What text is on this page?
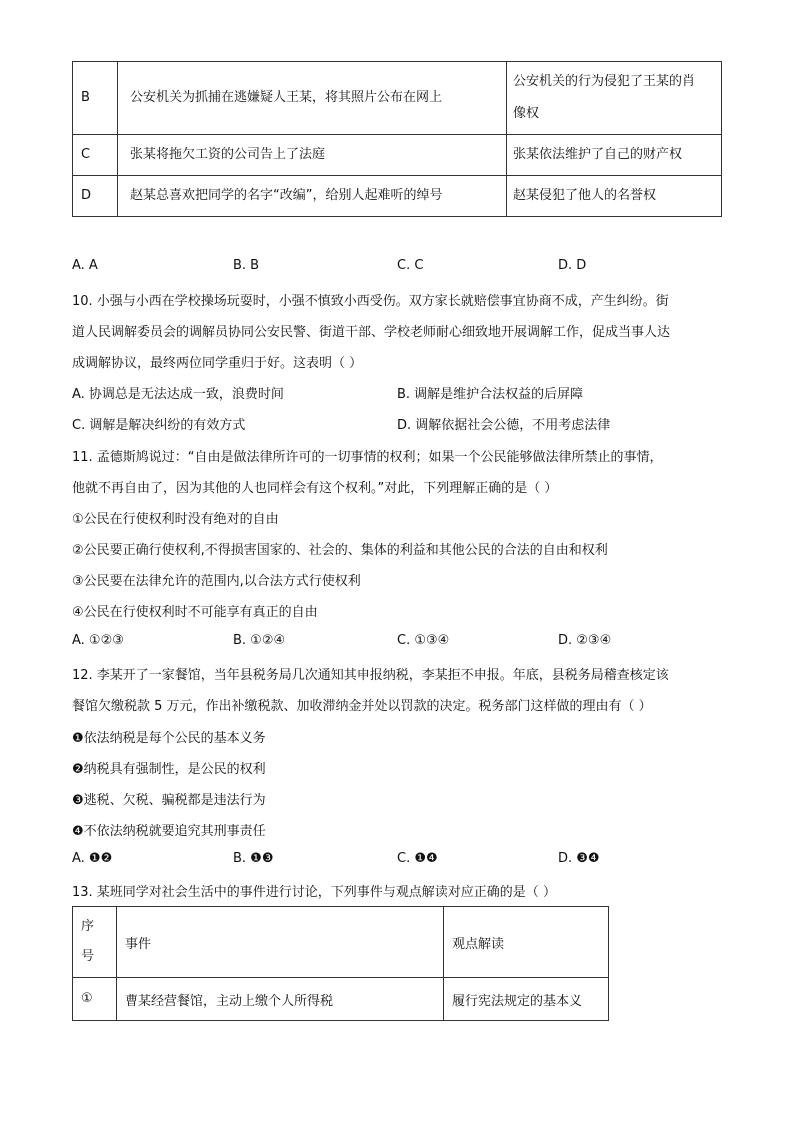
B	公安机关为抓捕在逃嫌疑人王某，将其照片公布在网上	公安机关的行为侵犯了王某的肖
像权

C	张某将拖欠工资的公司告上了法庭	张某依法维护了自己的财产权
D	赵某总喜欢把同学的名字“改编”，给别人起难听的绰号	赵某侵犯了他人的名誉权
A. A	B. B	C. C	D. D
10. 小强与小西在学校操场玩耍时，小强不慎致小西受伤。双方家长就赔偿事宜协商不成，产生纠纷。街
道人民调解委员会的调解员协同公安民警、街道干部、学校老师耐心细致地开展调解工作，促成当事人达
成调解协议，最终两位同学重归于好。这表明（ ）
A. 协调总是无法达成一致，浪费时间	B. 调解是维护合法权益的后屏障
C. 调解是解决纠纷的有效方式	D. 调解依据社会公德，不用考虑法律
11. 孟德斯鸠说过：“自由是做法律所许可的一切事情的权利；如果一个公民能够做法律所禁止的事情，
他就不再自由了，因为其他的人也同样会有这个权利。”对此，下列理解正确的是（ ）
①公民在行使权利时没有绝对的自由
②公民要正确行使权利,不得损害国家的、社会的、集体的利益和其他公民的合法的自由和权利
③公民要在法律允许的范围内,以合法方式行使权利
④公民在行使权利时不可能享有真正的自由
A. ①②③	B. ①②④	C. ①③④	D. ②③④
12. 李某开了一家餐馆，当年县税务局几次通知其申报纳税，李某拒不申报。年底，县税务局稽查核定该
餐馆欠缴税款 5 万元，作出补缴税款、加收滞纳金并处以罚款的决定。税务部门这样做的理由有（ ）
❶依法纳税是每个公民的基本义务
❷纳税具有强制性，是公民的权利
❸逃税、欠税、骗税都是违法行为
❹不依法纳税就要追究其刑事责任
A. ❶❷	B. ❶❸	C. ❶❹	D. ❸❹
13. 某班同学对社会生活中的事件进行讨论，下列事件与观点解读对应正确的是（ ）
序
号	事件	观点解读
①	曹某经营餐馆，主动上缴个人所得税	履行宪法规定的基本义
